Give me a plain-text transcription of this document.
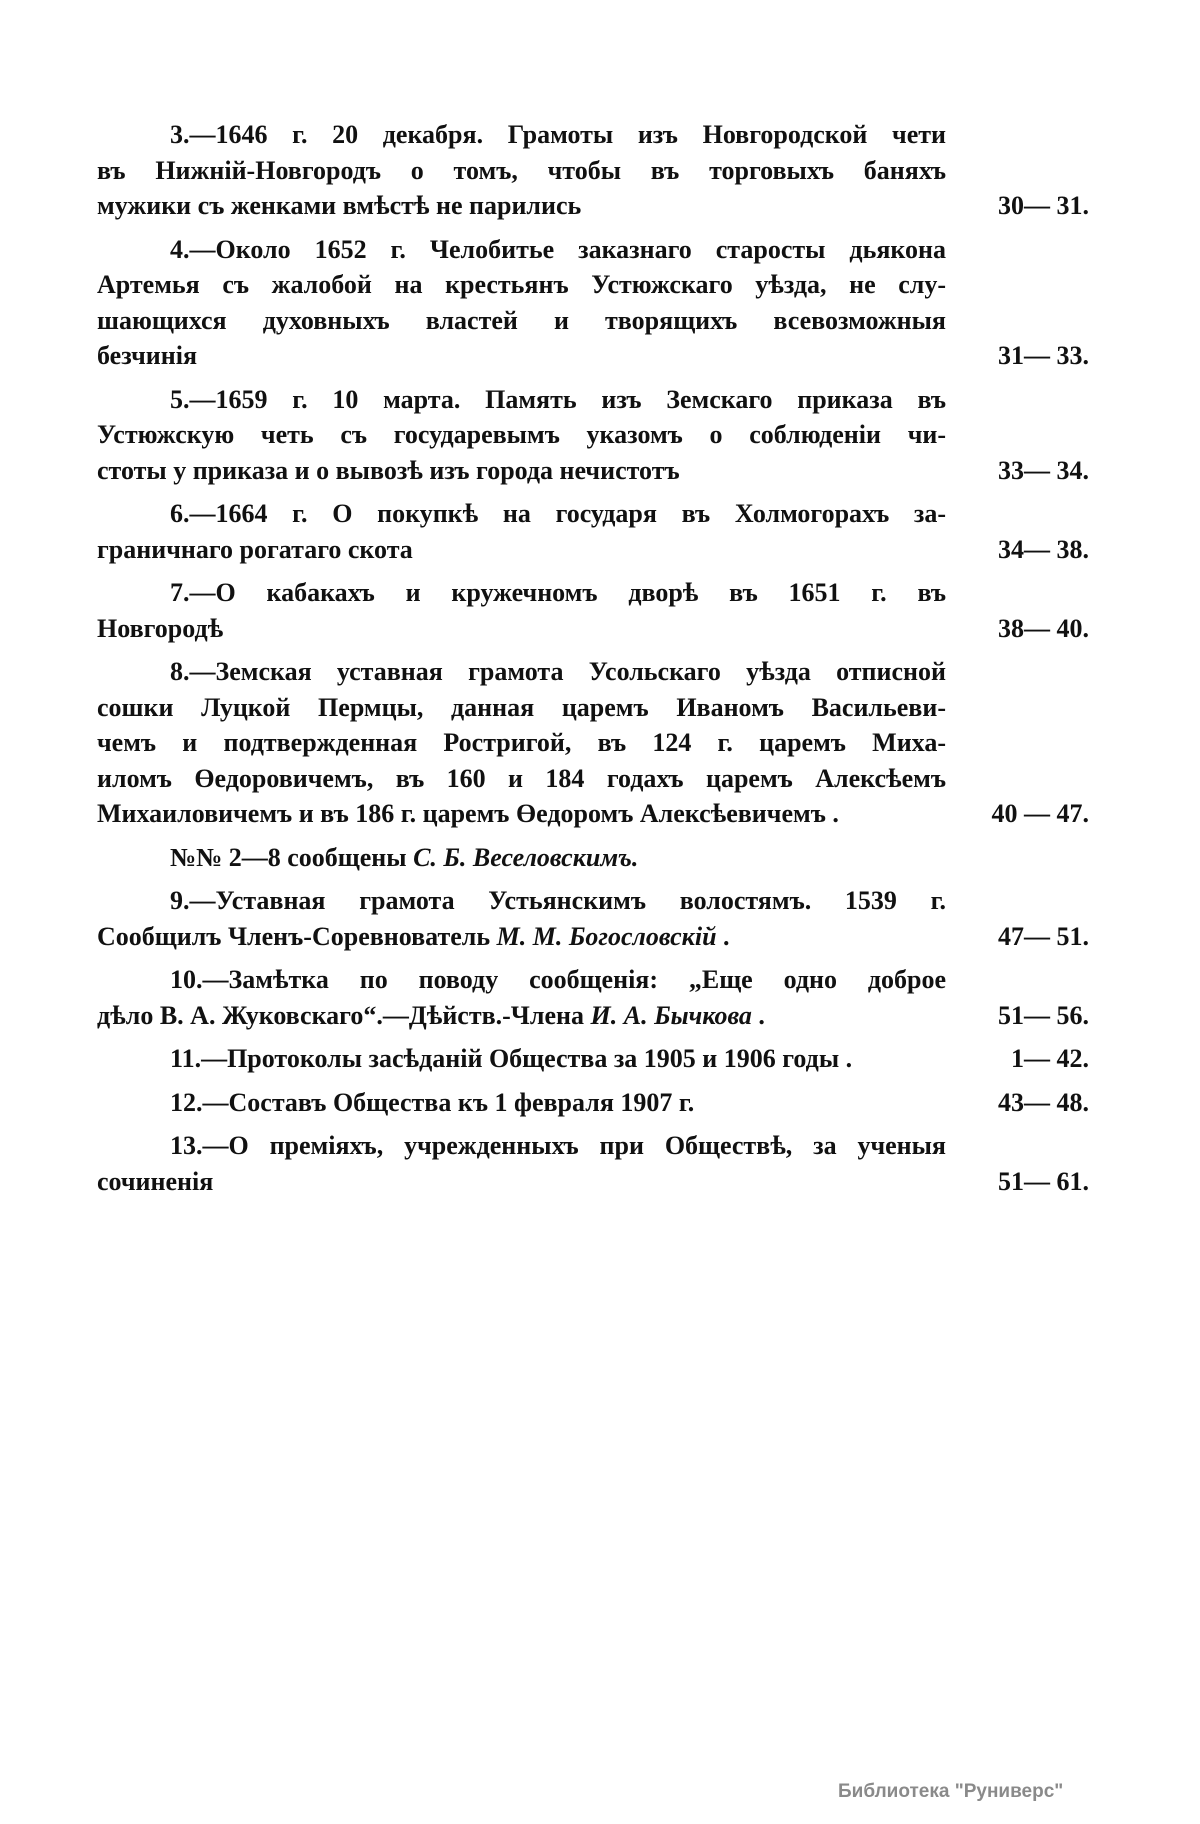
3.—1646 г. 20 декабря. Грамоты изъ Новгородской чети
въ Нижній-Новгородъ о томъ, чтобы въ торговыхъ баняхъ
мужики съ женками вмѣстѣ не парились	30— 31.
4.—Около 1652 г. Челобитье заказнаго старосты дьякона
Артемья съ жалобой на крестьянъ Устюжскаго уѣзда, не слу-
шающихся духовныхъ властей и творящихъ всевозможныя
безчинія	31— 33.
5.—1659 г. 10 марта. Память изъ Земскаго приказа въ
Устюжскую четь съ государевымъ указомъ о соблюденіи чи-
стоты у приказа и о вывозѣ изъ города нечистотъ	33— 34.
6.—1664 г. О покупкѣ на государя въ Холмогорахъ за-
граничнаго рогатаго скота	34— 38.
7.—О кабакахъ и кружечномъ дворѣ въ 1651 г. въ
Новгородѣ	38— 40.
8.—Земская уставная грамота Усольскаго уѣзда отписной
сошки Луцкой Пермцы, данная царемъ Иваномъ Васильеви-
чемъ и подтвержденная Ростригой, въ 124 г. царемъ Миха-
иломъ Өедоровичемъ, въ 160 и 184 годахъ царемъ Алексѣемъ
Михаиловичемъ и въ 186 г. царемъ Өедоромъ Алексѣевичемъ .	40 — 47.
№№ 2—8 сообщены С. Б. Веселовскимъ.
9.—Уставная грамота Устьянскимъ волостямъ. 1539 г.
Сообщилъ Членъ-Соревнователь М. М. Богословскій .	47— 51.
10.—Замѣтка по поводу сообщенія: „Еще одно доброе
дѣло В. А. Жуковскаго“.—Дѣйств.-Члена И. А. Бычкова .	51— 56.
11.—Протоколы засѣданій Общества за 1905 и 1906 годы .	1— 42.
12.—Составъ Общества къ 1 февраля 1907 г.	43— 48.
13.—О преміяхъ, учрежденныхъ при Обществѣ, за ученыя
сочиненія	51— 61.
Библиотека "Руниверс"
